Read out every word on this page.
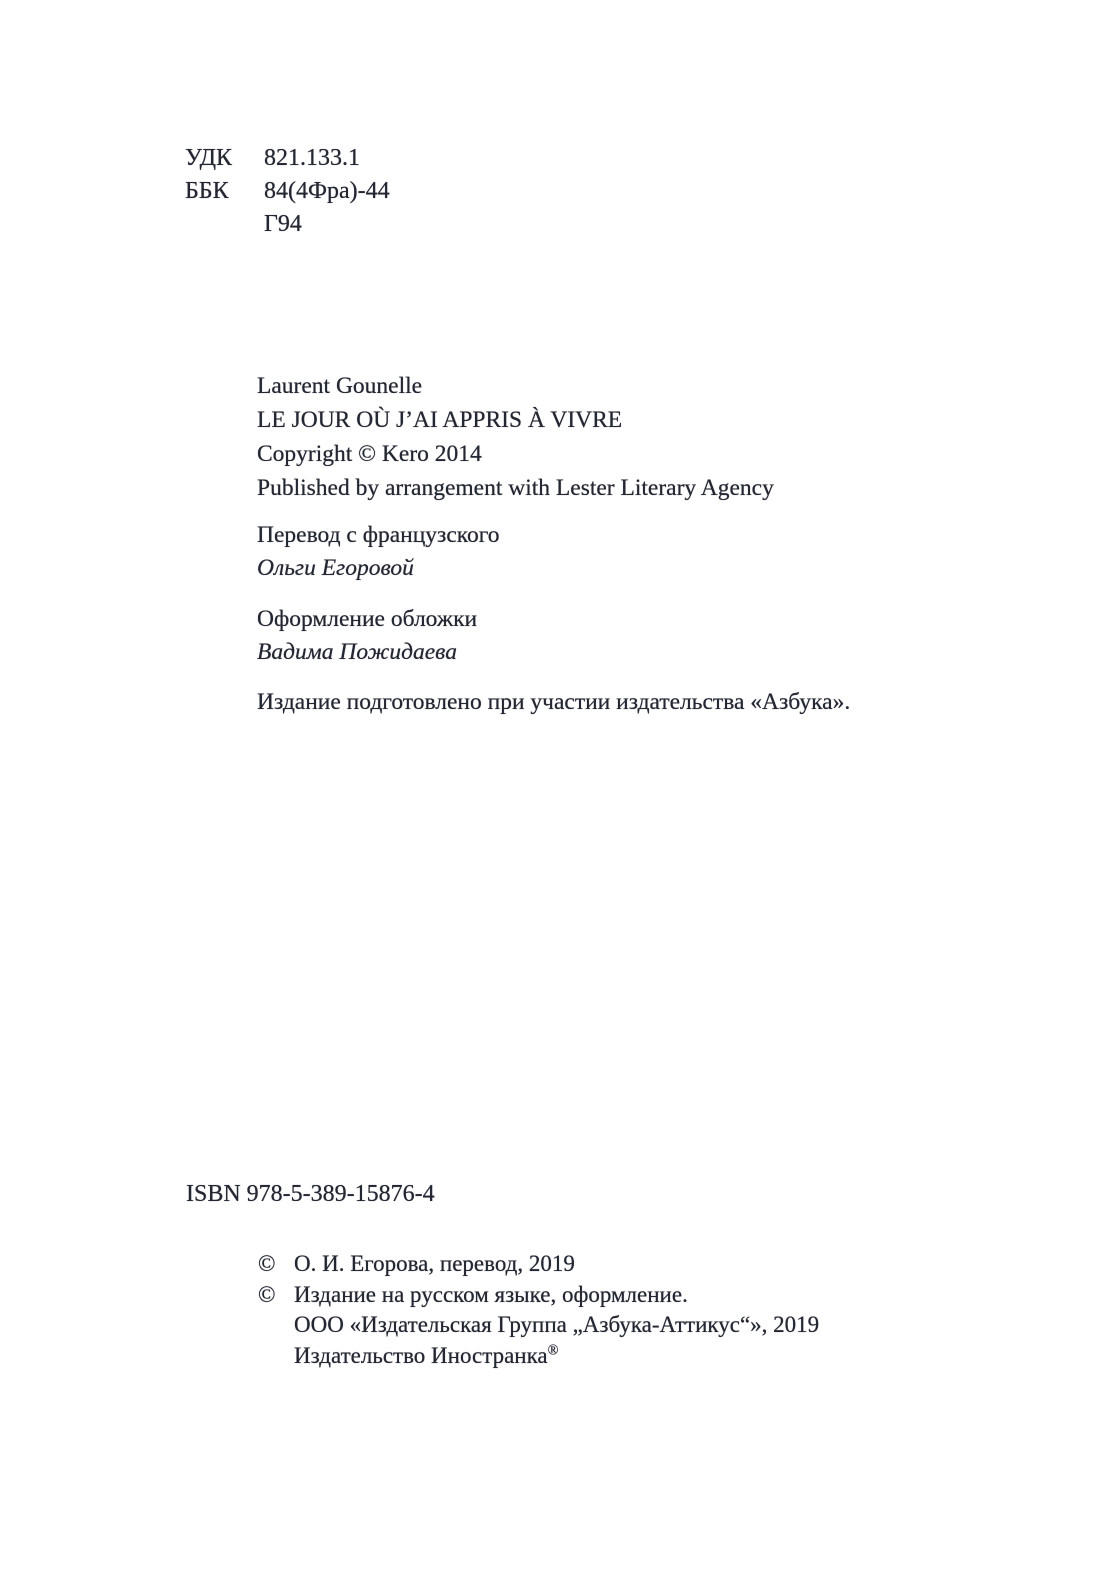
УДК	821.133.1
ББК	84(4Фра)-44
Г94
Laurent Gounelle
LE JOUR OÙ J’AI APPRIS À VIVRE
Copyright © Kero 2014
Published by arrangement with Lester Literary Agency
Перевод с французского
Ольги Егоровой
Оформление обложки
Вадима Пожидаева
Издание подготовлено при участии издательства «Азбука».
ISBN 978-5-389-15876-4
© О. И. Егорова, перевод, 2019
© Издание на русском языке, оформление.
ООО «Издательская Группа „Азбука-Аттикус“», 2019
Издательство Иностранка®
